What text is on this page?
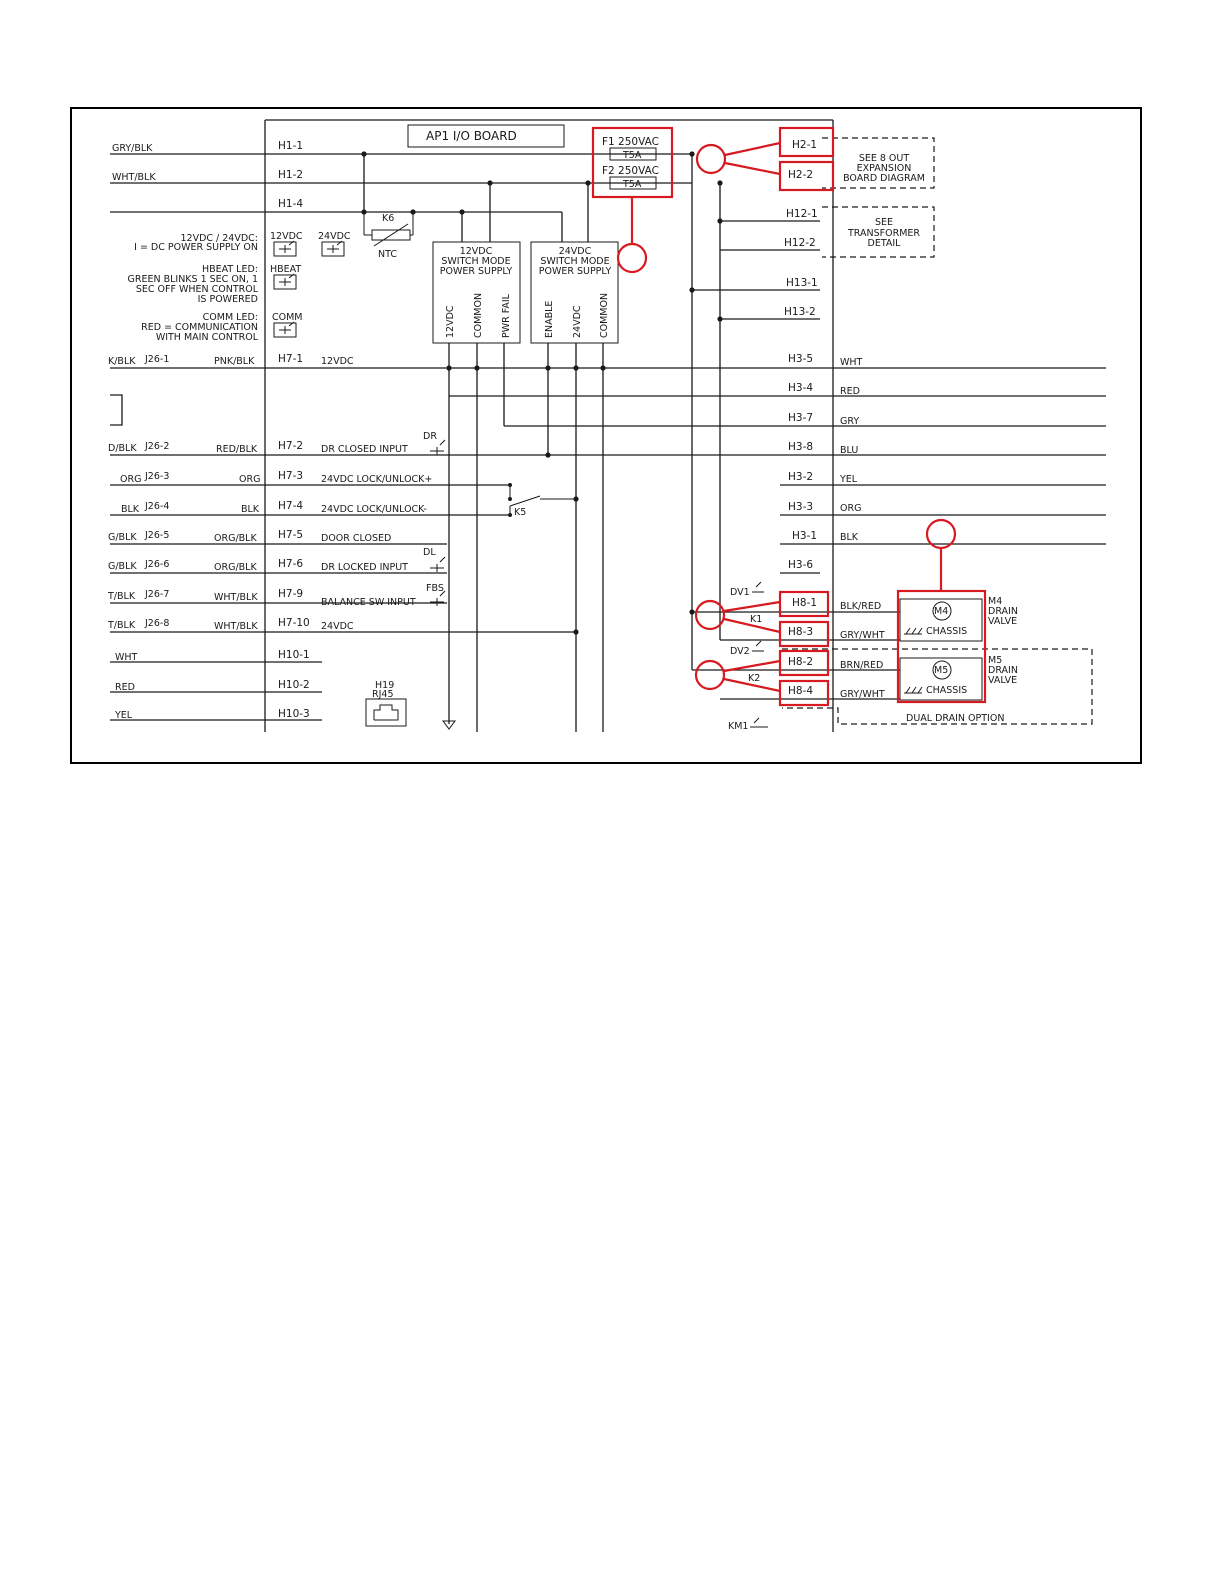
AP1 I/O BOARD	F1 250VAC
T5A
F2 250VAC
T5A
GRY/BLK
WHT/BLK
K/BLK
D/BLK
ORG
BLK
G/BLK
G/BLK
T/BLK
T/BLK
WHT
RED
YEL
J26-1
J26-2
J26-3
J26-4
J26-5
J26-6
J26-7
J26-8
PNK/BLK
RED/BLK
ORG
BLK
ORG/BLK
ORG/BLK
WHT/BLK
WHT/BLK
H1-1
H1-2
H1-4
H7-1
H7-2
H7-3
H7-4
H7-5
H7-6
H7-9
H7-10
12VDC
DR CLOSED INPUT
24VDC LOCK/UNLOCK+
24VDC LOCK/UNLOCK-
DOOR CLOSED
DR LOCKED INPUT
BALANCE SW INPUT
24VDC
H10-1
H10-2
H10-3
H19
RJ45
12VDC / 24VDC:
I = DC POWER SUPPLY ON
HBEAT LED:
GREEN BLINKS 1 SEC ON, 1
SEC OFF WHEN CONTROL
IS POWERED
COMM LED:
RED = COMMUNICATION
WITH MAIN CONTROL
12VDC 24VDC
HBEAT
COMM
K6
NTC	12VDC
SWITCH MODE
POWER SUPPLY
12VDC COMMON PWR FAIL
24VDC
SWITCH MODE
POWER SUPPLY
ENABLE 24VDC COMMON
K5
DR
DL
FBS
H2-1
H2-2
H12-1
H12-2
H13-1
H13-2
H3-5
H3-4
H3-7
H3-8
H3-2
H3-3
H3-1
H3-6
WHT
RED
GRY
BLU
YEL
ORG
BLK
H8-1
H8-3
H8-2
H8-4
BLK/RED
GRY/WHT
BRN/RED
GRY/WHT
DV1
DV2
KM1
K1
K2
SEE 8 OUT
EXPANSION
BOARD DIAGRAM
SEE
TRANSFORMER
DETAIL
M4
CHASSIS
M4
DRAIN
VALVE
M5
CHASSIS
M5
DRAIN
VALVE
DUAL DRAIN OPTION
